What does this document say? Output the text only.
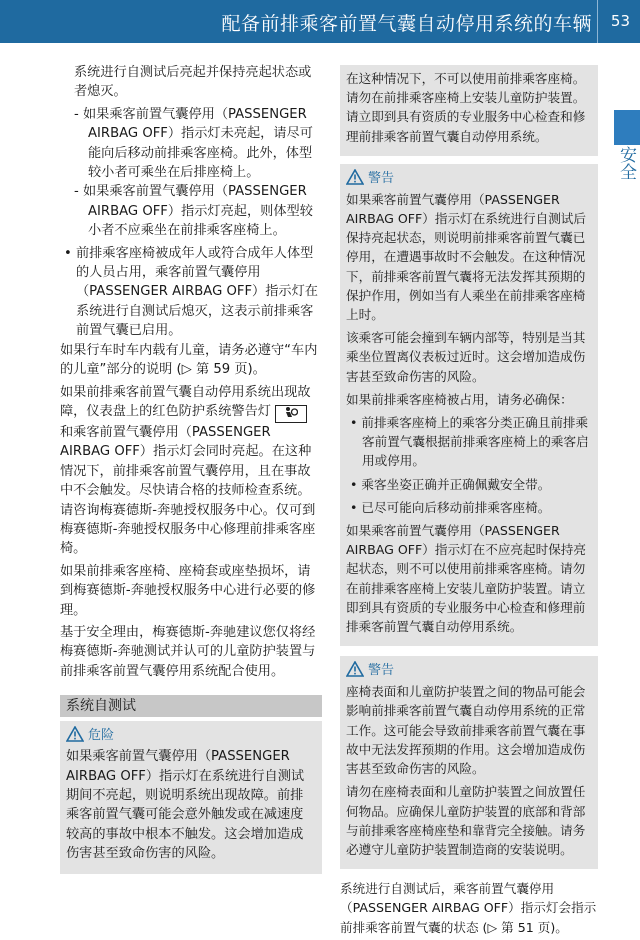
配备前排乘客前置气囊自动停用系统的车辆 53
安全

系统进行自测试后亮起并保持亮起状态或者熄灭。

- 如果乘客前置气囊停用（PASSENGER AIRBAG OFF）指示灯未亮起，请尽可能向后移动前排乘客座椅。此外，体型较小者可乘坐在后排座椅上。

- 如果乘客前置气囊停用（PASSENGER AIRBAG OFF）指示灯亮起，则体型较小者不应乘坐在前排乘客座椅上。

• 前排乘客座椅被成年人或符合成年人体型的人员占用，乘客前置气囊停用（PASSENGER AIRBAG OFF）指示灯在系统进行自测试后熄灭，这表示前排乘客前置气囊已启用。

如果行车时车内载有儿童，请务必遵守“车内的儿童”部分的说明 (▷ 第 59 页)。

如果前排乘客前置气囊自动停用系统出现故障，仪表盘上的红色防护系统警告灯 和乘客前置气囊停用（PASSENGER AIRBAG OFF）指示灯会同时亮起。在这种情况下，前排乘客前置气囊停用，且在事故中不会触发。尽快请合格的技师检查系统。请咨询梅赛德斯-奔驰授权服务中心。仅可到梅赛德斯-奔驰授权服务中心修理前排乘客座椅。

如果前排乘客座椅、座椅套或座垫损坏，请到梅赛德斯-奔驰授权服务中心进行必要的修理。

基于安全理由，梅赛德斯-奔驰建议您仅将经梅赛德斯-奔驰测试并认可的儿童防护装置与前排乘客前置气囊停用系统配合使用。

系统自测试
危险

如果乘客前置气囊停用（PASSENGER AIRBAG OFF）指示灯在系统进行自测试期间不亮起，则说明系统出现故障。前排乘客前置气囊可能会意外触发或在减速度较高的事故中根本不触发。这会增加造成伤害甚至致命伤害的风险。

在这种情况下，不可以使用前排乘客座椅。请勿在前排乘客座椅上安装儿童防护装置。请立即到具有资质的专业服务中心检查和修理前排乘客前置气囊自动停用系统。

警告

如果乘客前置气囊停用（PASSENGER AIRBAG OFF）指示灯在系统进行自测试后保持亮起状态，则说明前排乘客前置气囊已停用，在遭遇事故时不会触发。在这种情况下，前排乘客前置气囊将无法发挥其预期的保护作用，例如当有人乘坐在前排乘客座椅上时。

该乘客可能会撞到车辆内部等，特别是当其乘坐位置离仪表板过近时。这会增加造成伤害甚至致命伤害的风险。

如果前排乘客座椅被占用，请务必确保：

• 前排乘客座椅上的乘客分类正确且前排乘客前置气囊根据前排乘客座椅上的乘客启用或停用。

• 乘客坐姿正确并正确佩戴安全带。

• 已尽可能向后移动前排乘客座椅。

如果乘客前置气囊停用（PASSENGER AIRBAG OFF）指示灯在不应亮起时保持亮起状态，则不可以使用前排乘客座椅。请勿在前排乘客座椅上安装儿童防护装置。请立即到具有资质的专业服务中心检查和修理前排乘客前置气囊自动停用系统。

警告

座椅表面和儿童防护装置之间的物品可能会影响前排乘客前置气囊自动停用系统的正常工作。这可能会导致前排乘客前置气囊在事故中无法发挥预期的作用。这会增加造成伤害甚至致命伤害的风险。

请勿在座椅表面和儿童防护装置之间放置任何物品。应确保儿童防护装置的底部和背部与前排乘客座椅座垫和靠背完全接触。请务必遵守儿童防护装置制造商的安装说明。

系统进行自测试后，乘客前置气囊停用（PASSENGER AIRBAG OFF）指示灯会指示前排乘客前置气囊的状态 (▷ 第 51 页)。
